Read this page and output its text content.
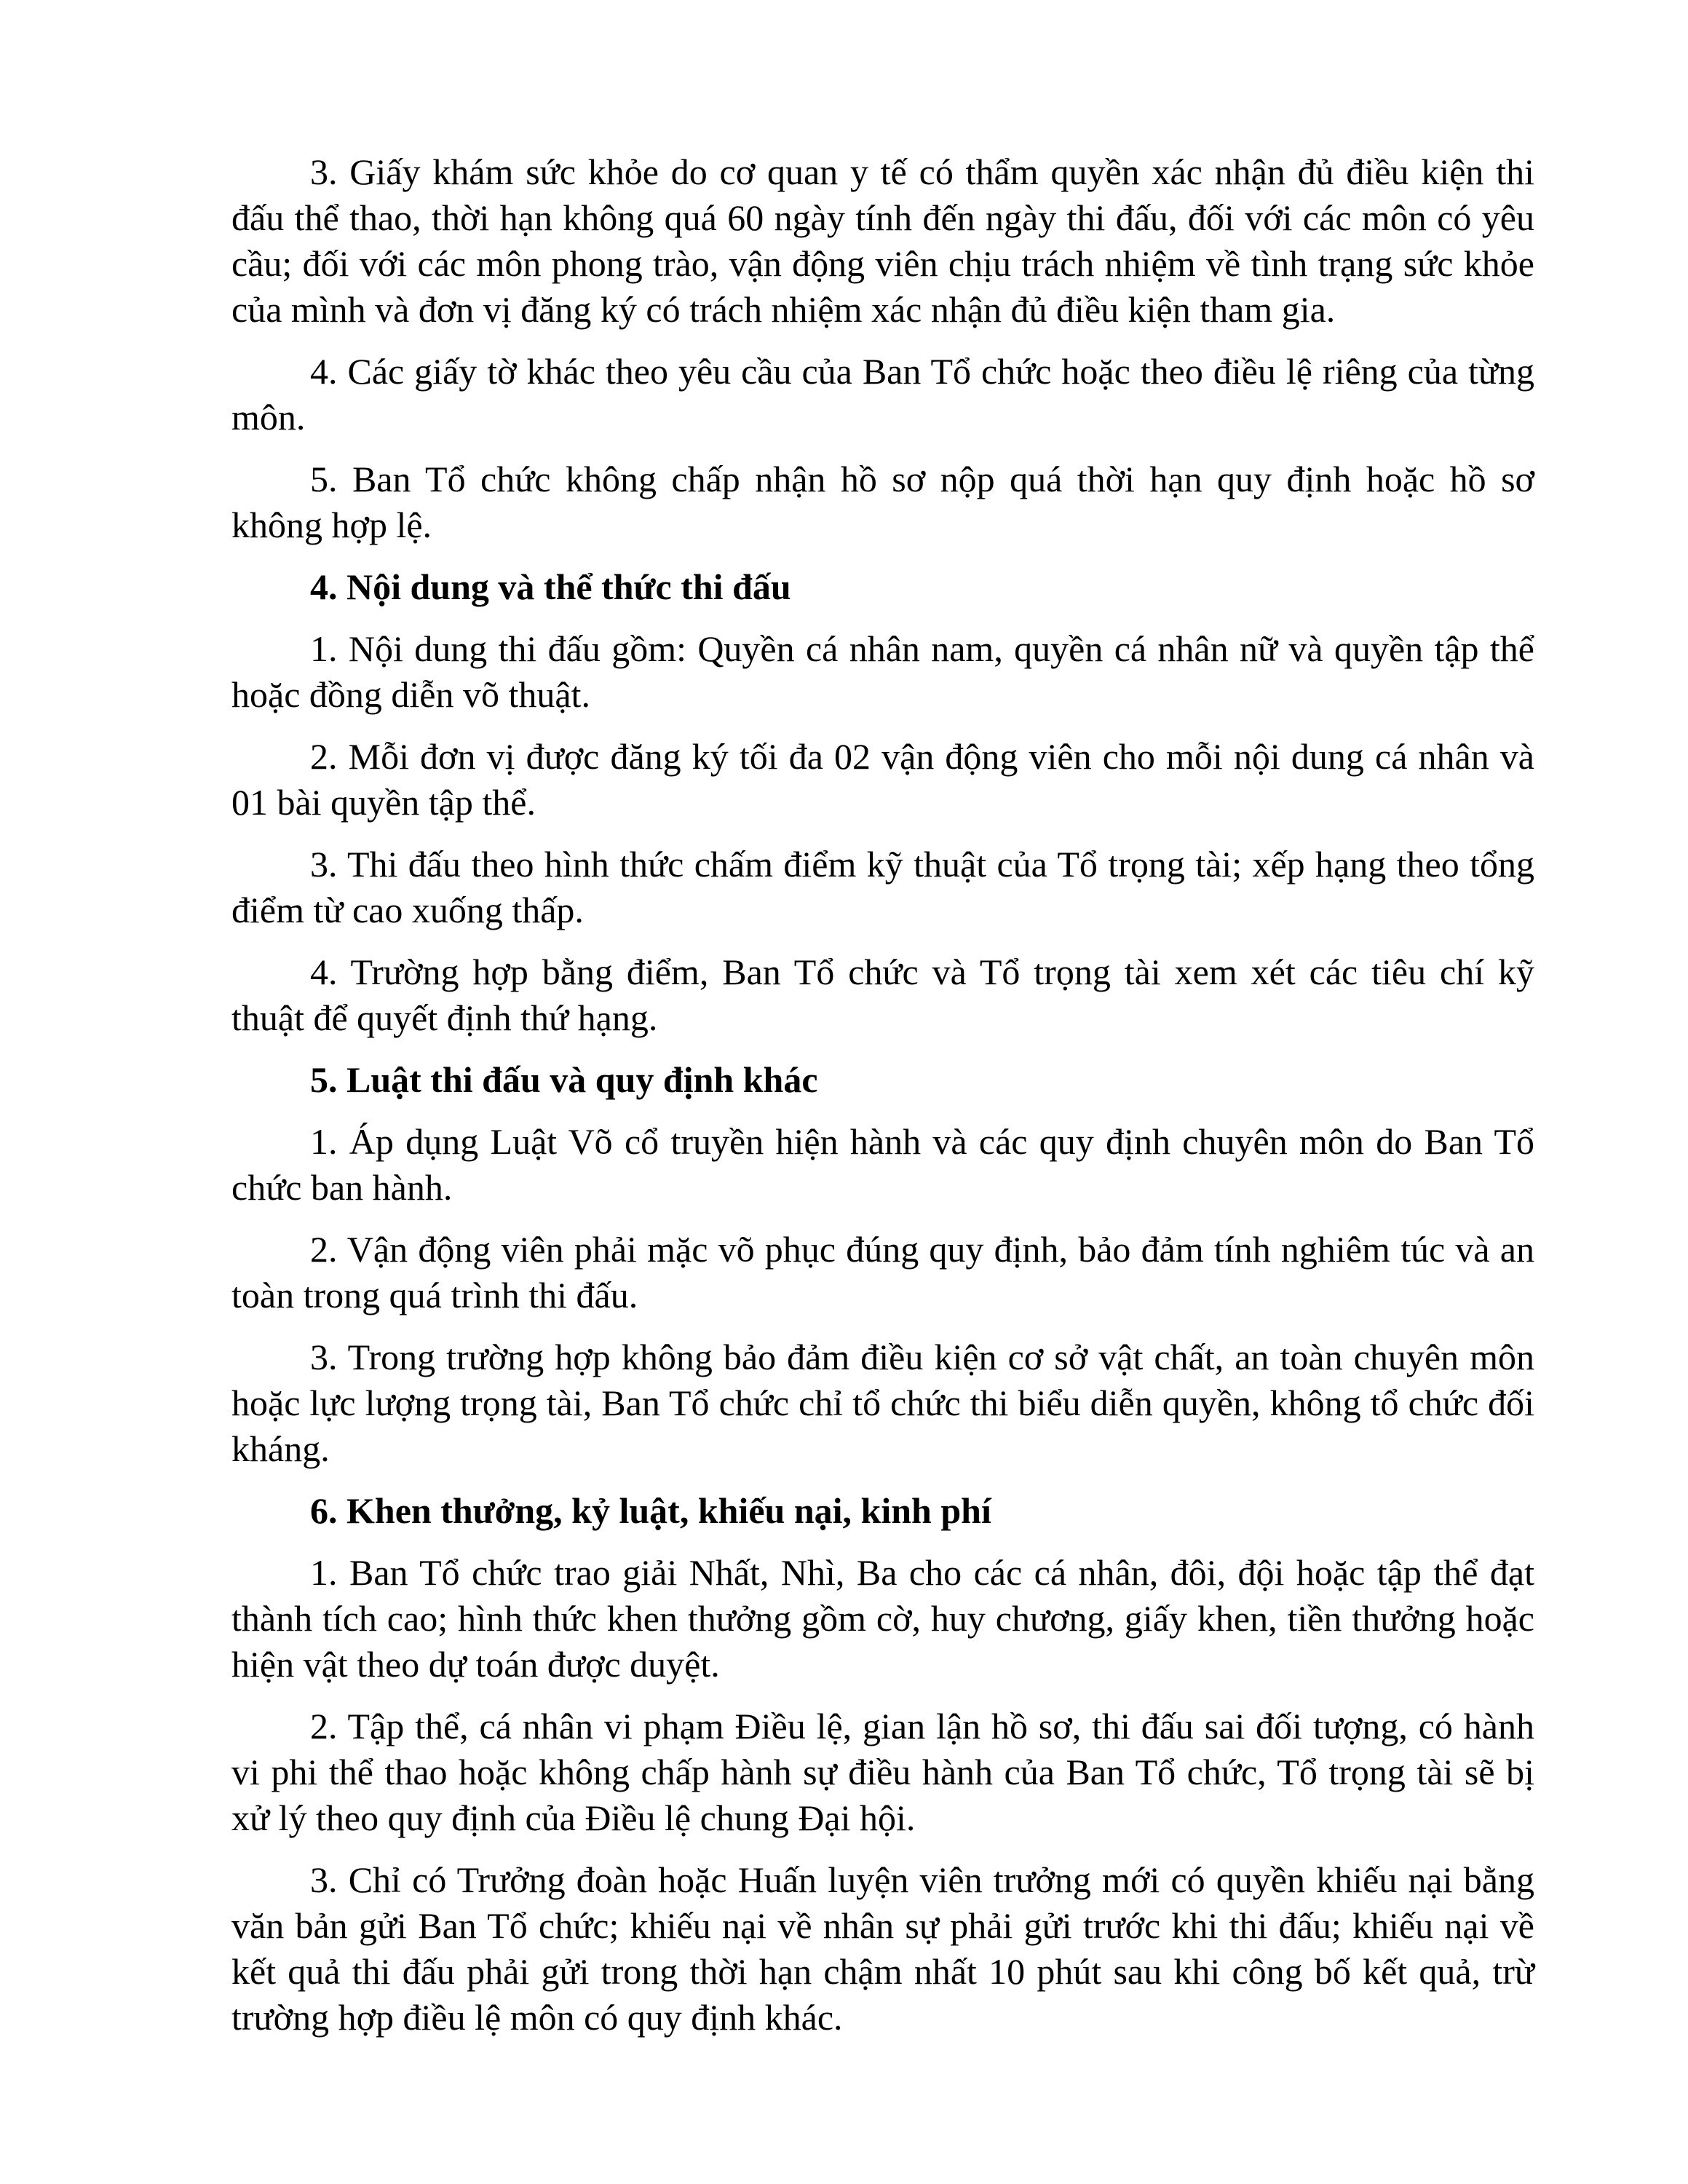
3. Giấy khám sức khỏe do cơ quan y tế có thẩm quyền xác nhận đủ điều kiện thi đấu thể thao, thời hạn không quá 60 ngày tính đến ngày thi đấu, đối với các môn có yêu cầu; đối với các môn phong trào, vận động viên chịu trách nhiệm về tình trạng sức khỏe của mình và đơn vị đăng ký có trách nhiệm xác nhận đủ điều kiện tham gia.

4. Các giấy tờ khác theo yêu cầu của Ban Tổ chức hoặc theo điều lệ riêng của từng môn.

5. Ban Tổ chức không chấp nhận hồ sơ nộp quá thời hạn quy định hoặc hồ sơ không hợp lệ.

4. Nội dung và thể thức thi đấu

1. Nội dung thi đấu gồm: Quyền cá nhân nam, quyền cá nhân nữ và quyền tập thể hoặc đồng diễn võ thuật.

2. Mỗi đơn vị được đăng ký tối đa 02 vận động viên cho mỗi nội dung cá nhân và 01 bài quyền tập thể.

3. Thi đấu theo hình thức chấm điểm kỹ thuật của Tổ trọng tài; xếp hạng theo tổng điểm từ cao xuống thấp.

4. Trường hợp bằng điểm, Ban Tổ chức và Tổ trọng tài xem xét các tiêu chí kỹ thuật để quyết định thứ hạng.

5. Luật thi đấu và quy định khác

1. Áp dụng Luật Võ cổ truyền hiện hành và các quy định chuyên môn do Ban Tổ chức ban hành.

2. Vận động viên phải mặc võ phục đúng quy định, bảo đảm tính nghiêm túc và an toàn trong quá trình thi đấu.

3. Trong trường hợp không bảo đảm điều kiện cơ sở vật chất, an toàn chuyên môn hoặc lực lượng trọng tài, Ban Tổ chức chỉ tổ chức thi biểu diễn quyền, không tổ chức đối kháng.

6. Khen thưởng, kỷ luật, khiếu nại, kinh phí

1. Ban Tổ chức trao giải Nhất, Nhì, Ba cho các cá nhân, đôi, đội hoặc tập thể đạt thành tích cao; hình thức khen thưởng gồm cờ, huy chương, giấy khen, tiền thưởng hoặc hiện vật theo dự toán được duyệt.

2. Tập thể, cá nhân vi phạm Điều lệ, gian lận hồ sơ, thi đấu sai đối tượng, có hành vi phi thể thao hoặc không chấp hành sự điều hành của Ban Tổ chức, Tổ trọng tài sẽ bị xử lý theo quy định của Điều lệ chung Đại hội.

3. Chỉ có Trưởng đoàn hoặc Huấn luyện viên trưởng mới có quyền khiếu nại bằng văn bản gửi Ban Tổ chức; khiếu nại về nhân sự phải gửi trước khi thi đấu; khiếu nại về kết quả thi đấu phải gửi trong thời hạn chậm nhất 10 phút sau khi công bố kết quả, trừ trường hợp điều lệ môn có quy định khác.
